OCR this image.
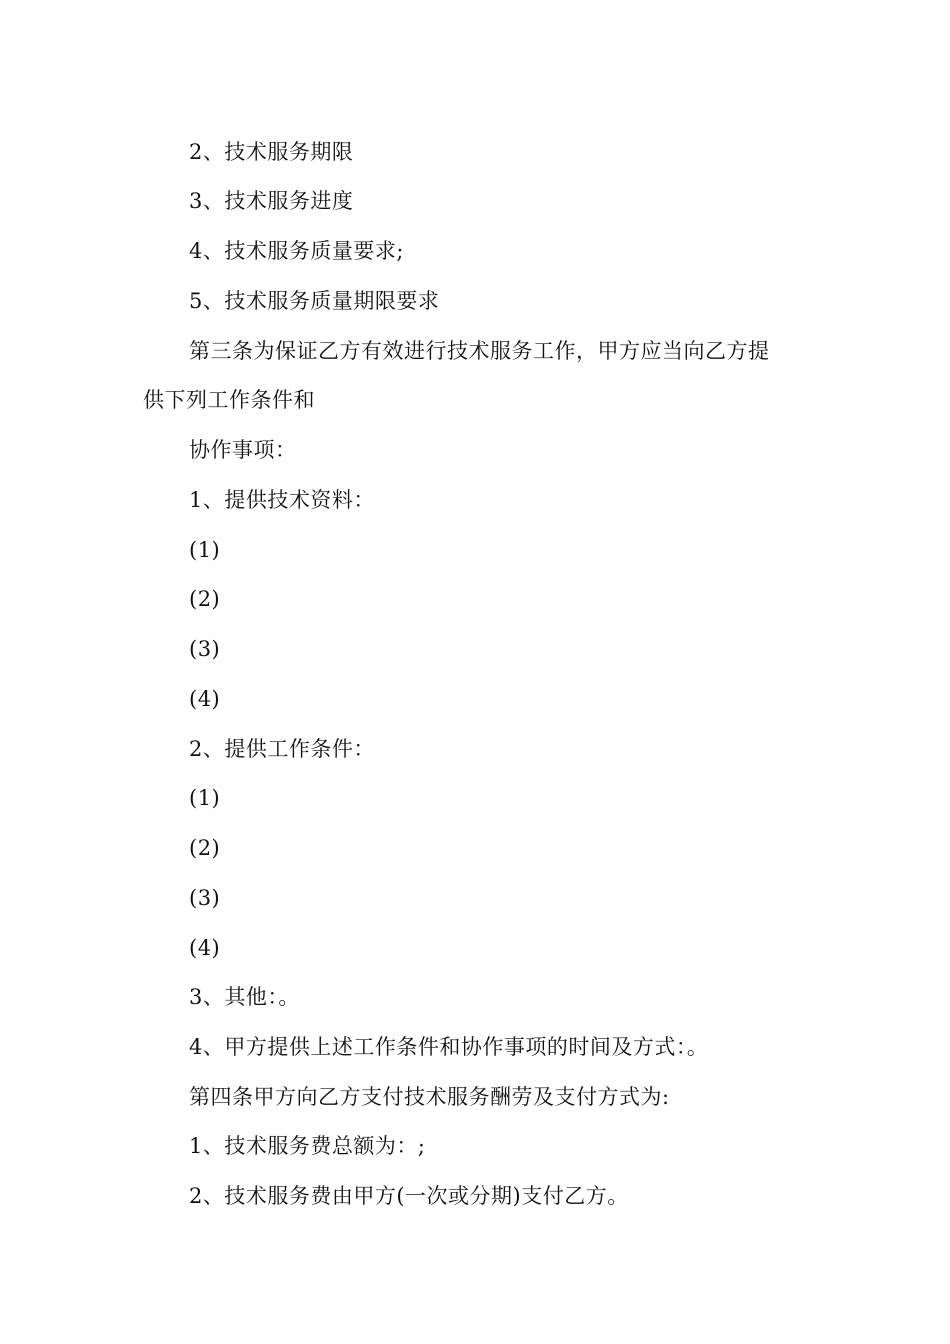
2、技术服务期限
3、技术服务进度
4、技术服务质量要求;
5、技术服务质量期限要求
第三条为保证乙方有效进行技术服务工作，甲方应当向乙方提
供下列工作条件和
协作事项：
1、提供技术资料：
(1)
(2)
(3)
(4)
2、提供工作条件：
(1)
(2)
(3)
(4)
3、其他：。
4、甲方提供上述工作条件和协作事项的时间及方式：。
第四条甲方向乙方支付技术服务酬劳及支付方式为:
1、技术服务费总额为：;
2、技术服务费由甲方(一次或分期)支付乙方。
